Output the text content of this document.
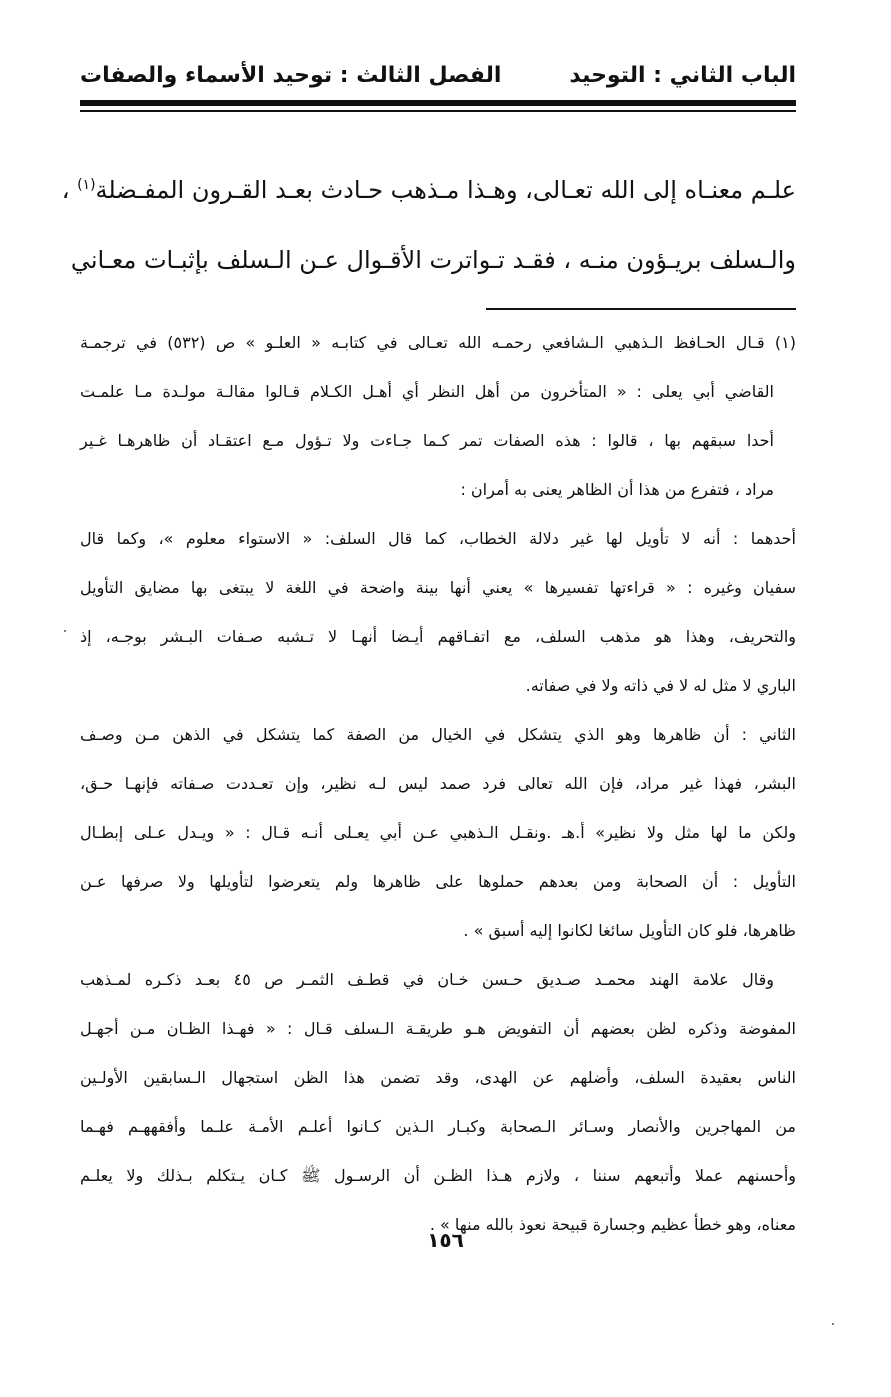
الباب الثاني : التوحيد
الفصل الثالث : توحيد الأسماء والصفات
علـم معنـاه إلى الله تعـالى، وهـذا مـذهب حـادث بعـد القـرون المفـضلة$^{(١)}$ ،
والـسلف بريـؤون منـه ، فقـد تـواترت الأقـوال عـن الـسلف بإثبـات معـاني
(١) قـال الحـافظ الـذهبي الـشافعي رحمـه الله تعـالى في كتابـه « العلـو » ص (٥٣٢) في ترجمـة
القاضي أبي يعلى : « المتأخرون من أهل النظر أي أهـل الكـلام قـالوا مقالـة مولـدة مـا علمـت
أحدا سبقهم بها ، قالوا : هذه الصفات تمر كـما جـاءت ولا تـؤول مـع اعتقـاد أن ظاهرهـا غـير
مراد ، فتفرع من هذا أن الظاهر يعنى به أمران :
أحدهما : أنه لا تأويل لها غير دلالة الخطاب، كما قال السلف: « الاستواء معلوم »، وكما قال
سفيان وغيره : « قراءتها تفسيرها » يعني أنها بينة واضحة في اللغة لا يبتغى بها مضايق التأويل
والتحريف، وهذا هو مذهب السلف، مع اتفـاقهم أيـضا أنهـا لا تـشبه صـفات البـشر بوجـه، إذ
الباري لا مثل له لا في ذاته ولا في صفاته.
الثاني : أن ظاهرها وهو الذي يتشكل في الخيال من الصفة كما يتشكل في الذهن مـن وصـف
البشر، فهذا غير مراد، فإن الله تعالى فرد صمد ليس لـه نظير، وإن تعـددت صـفاته فإنهـا حـق،
ولكن ما لها مثل ولا نظير» أ.هـ .ونقـل الـذهبي عـن أبي يعـلى أنـه قـال : « ويـدل عـلى إبطـال
التأويل : أن الصحابة ومن بعدهم حملوها على ظاهرها ولم يتعرضوا لتأويلها ولا صرفها عـن
ظاهرها، فلو كان التأويل سائغا لكانوا إليه أسبق » .
وقال علامة الهند محمـد صـديق حـسن خـان في قطـف الثمـر ص ٤٥ بعـد ذكـره لمـذهب
المفوضة وذكره لظن بعضهم أن التفويض هـو طريقـة الـسلف قـال : « فهـذا الظـان مـن أجهـل
الناس بعقيدة السلف، وأضلهم عن الهدى، وقد تضمن هذا الظن استجهال الـسابقين الأولـين
من المهاجرين والأنصار وسـائر الـصحابة وكبـار الـذين كـانوا أعلـم الأمـة علـما وأفقههـم فهـما
وأحسنهم عملا وأتبعهم سننا ، ولازم هـذا الظـن أن الرسـول ﷺ كـان يـتكلم بـذلك ولا يعلـم
معناه، وهو خطأ عظيم وجسارة قبيحة نعوذ بالله منها » .
١٥٦
